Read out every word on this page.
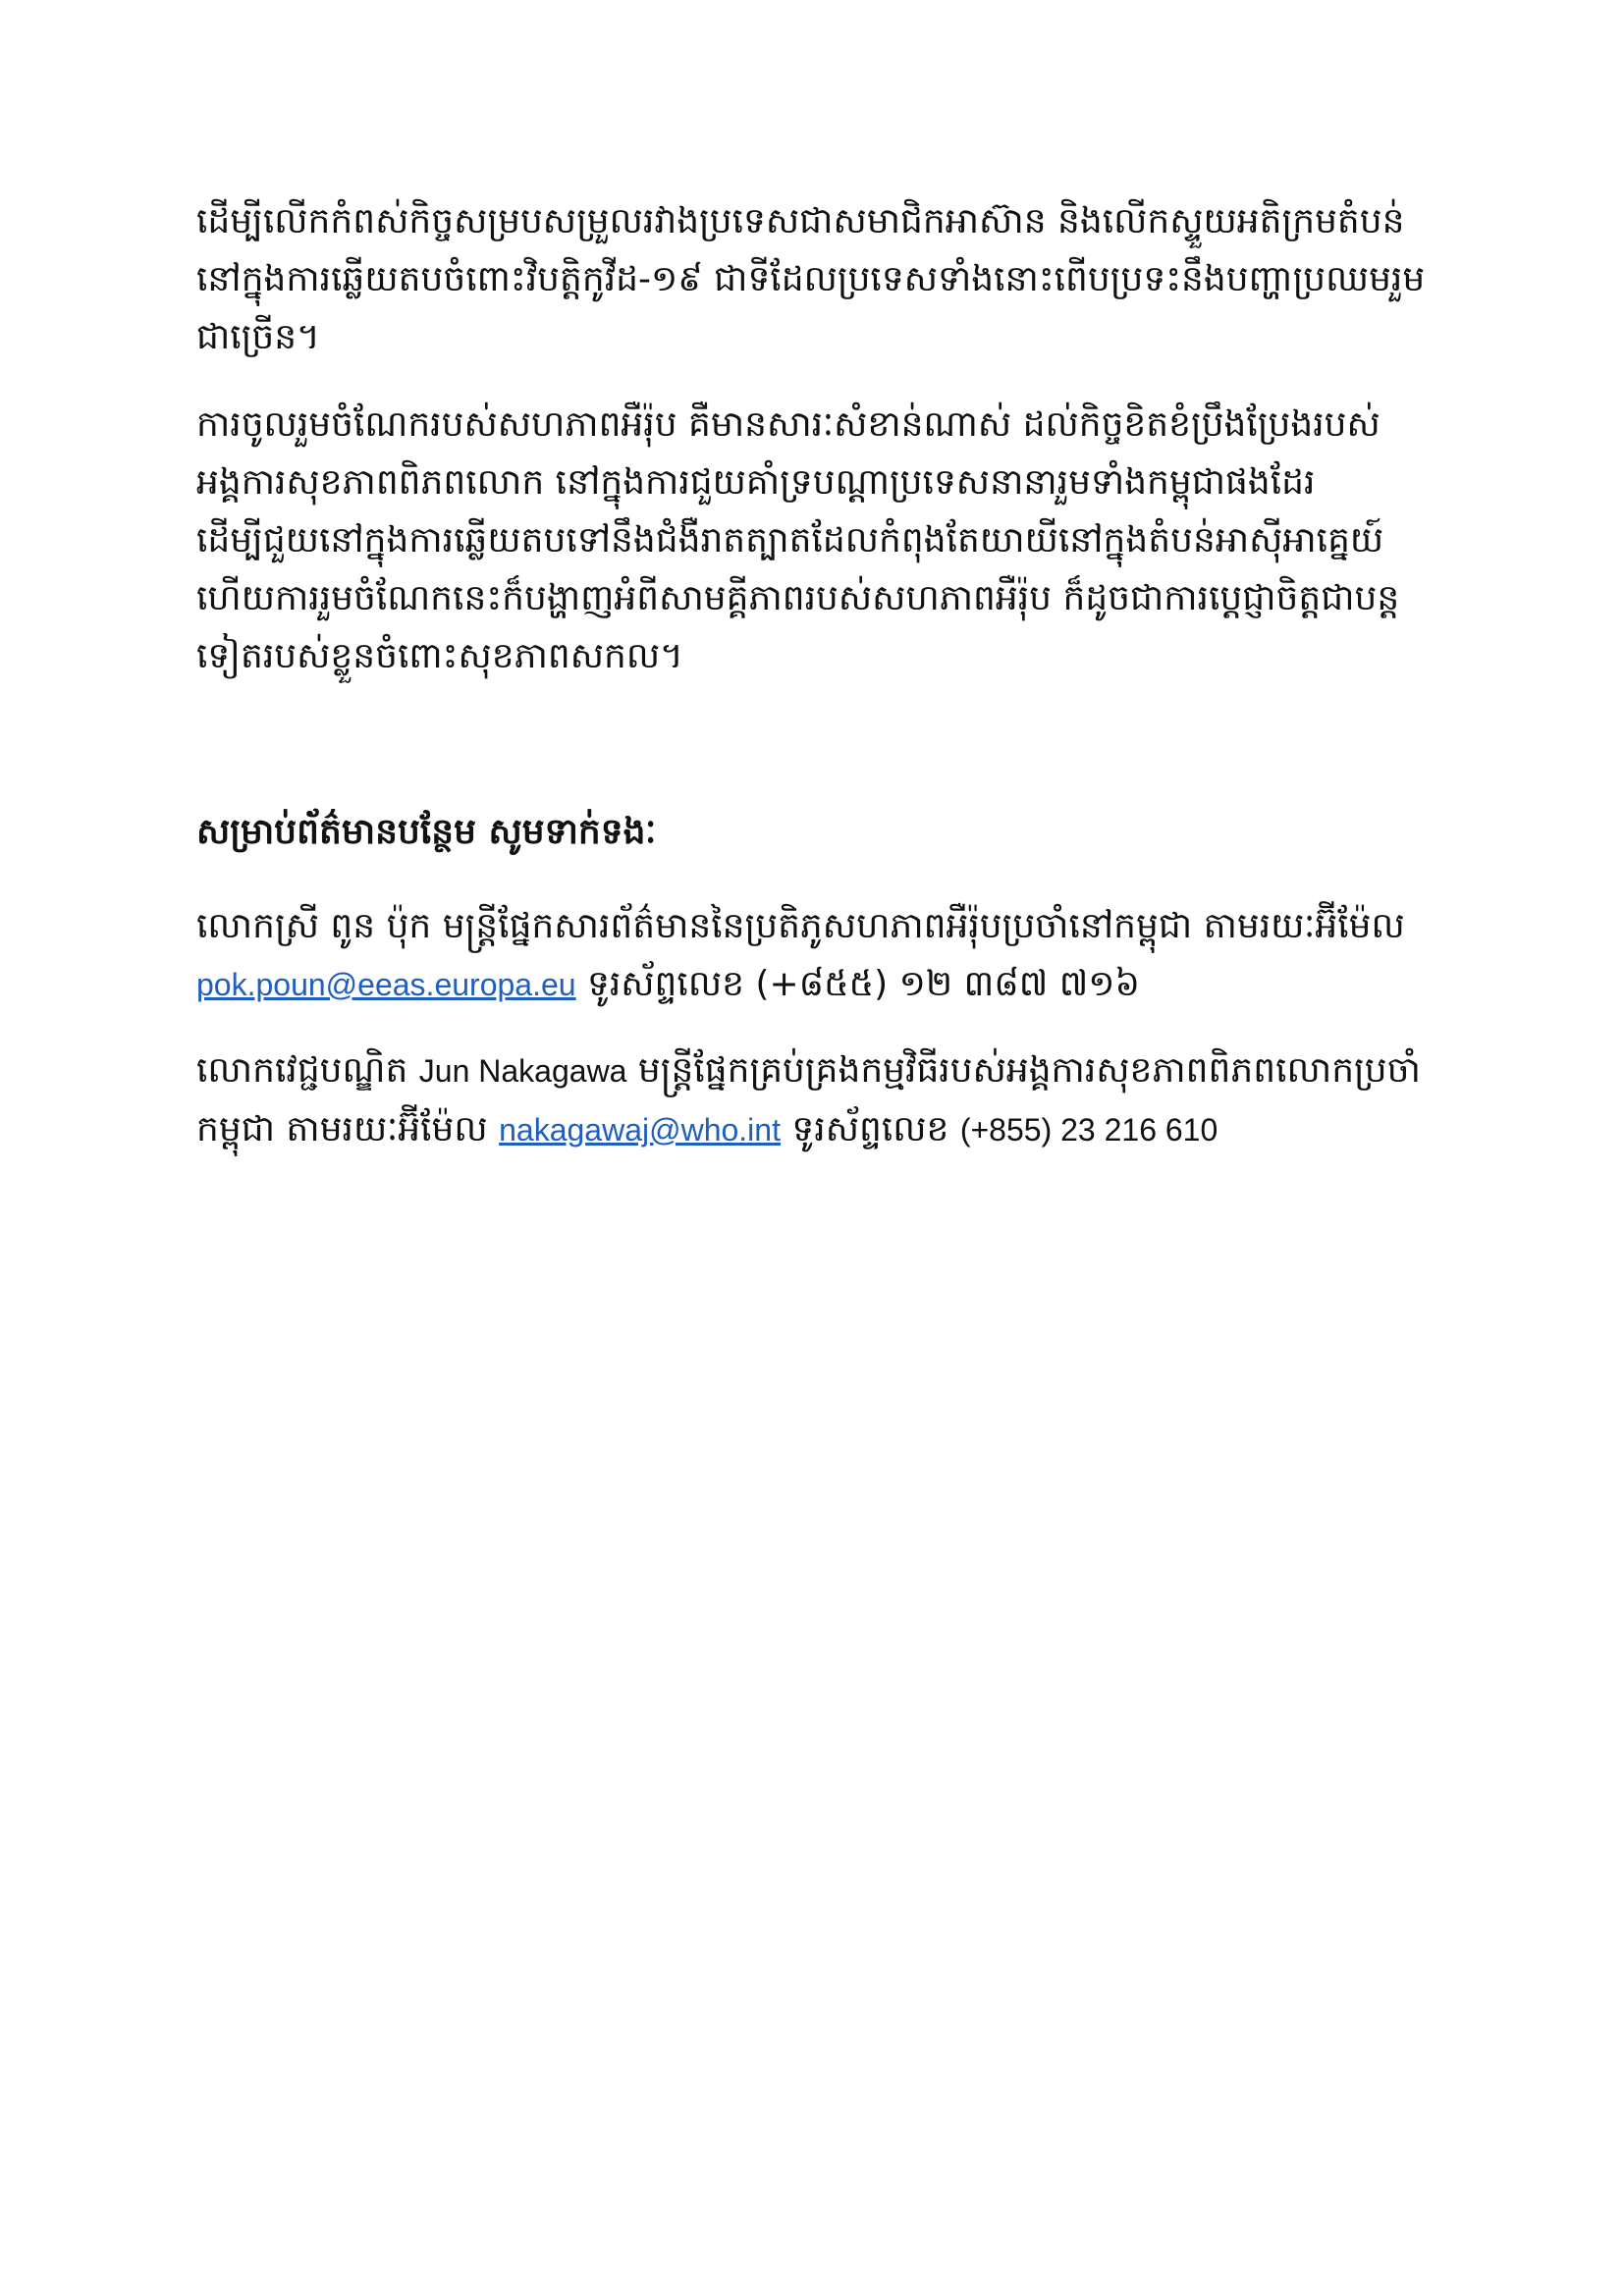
ដើម្បីលើកកំពស់កិច្ចសម្របសម្រួលរវាងប្រទេសជាសមាជិកអាស៊ាន និងលើកស្ទួយអតិក្រមតំបន់នៅក្នុងការឆ្លើយតបចំពោះវិបត្តិកូវីដ-១៩ ជាទីដែលប្រទេសទាំងនោះពើបប្រទះនឹងបញ្ហាប្រឈមរួមជាច្រើន។

ការចូលរួមចំណែករបស់សហភាពអឺរ៉ុប គឺមានសារៈសំខាន់ណាស់ ដល់កិច្ចខិតខំប្រឹងប្រែងរបស់អង្គការសុខភាពពិភពលោក នៅក្នុងការជួយគាំទ្របណ្តាប្រទេសនានារួមទាំងកម្ពុជាផងដែរ ដើម្បីជួយនៅក្នុងការឆ្លើយតបទៅនឹងជំងឺរាតត្បាតដែលកំពុងតែយាយីនៅក្នុងតំបន់អាស៊ីអាគ្នេយ៍ ហើយការរួមចំណែកនេះក៏បង្ហាញអំពីសាមគ្គីភាពរបស់សហភាពអឺរ៉ុប ក៏ដូចជាការប្តេជ្ញាចិត្តជាបន្តទៀតរបស់ខ្លួនចំពោះសុខភាពសកល។

សម្រាប់ព័ត៌មានបន្ថែម សូមទាក់ទងៈ

លោកស្រី ពូន ប៉ុក មន្ត្រីផ្នែកសារព័ត៌មាននៃប្រតិភូសហភាពអឺរ៉ុបប្រចាំនៅកម្ពុជា តាមរយៈអ៊ីម៉ែល pok.poun@eeas.europa.eu ទូរស័ព្ទលេខ (+៨៥៥) ១២ ៣៨៧ ៧១៦

លោកវេជ្ជបណ្ឌិត Jun Nakagawa មន្ត្រីផ្នែកគ្រប់គ្រងកម្មវិធីរបស់អង្គការសុខភាពពិភពលោកប្រចាំកម្ពុជា តាមរយៈអ៊ីម៉ែល nakagawaj@who.int ទូរស័ព្ទលេខ (+855) 23 216 610
